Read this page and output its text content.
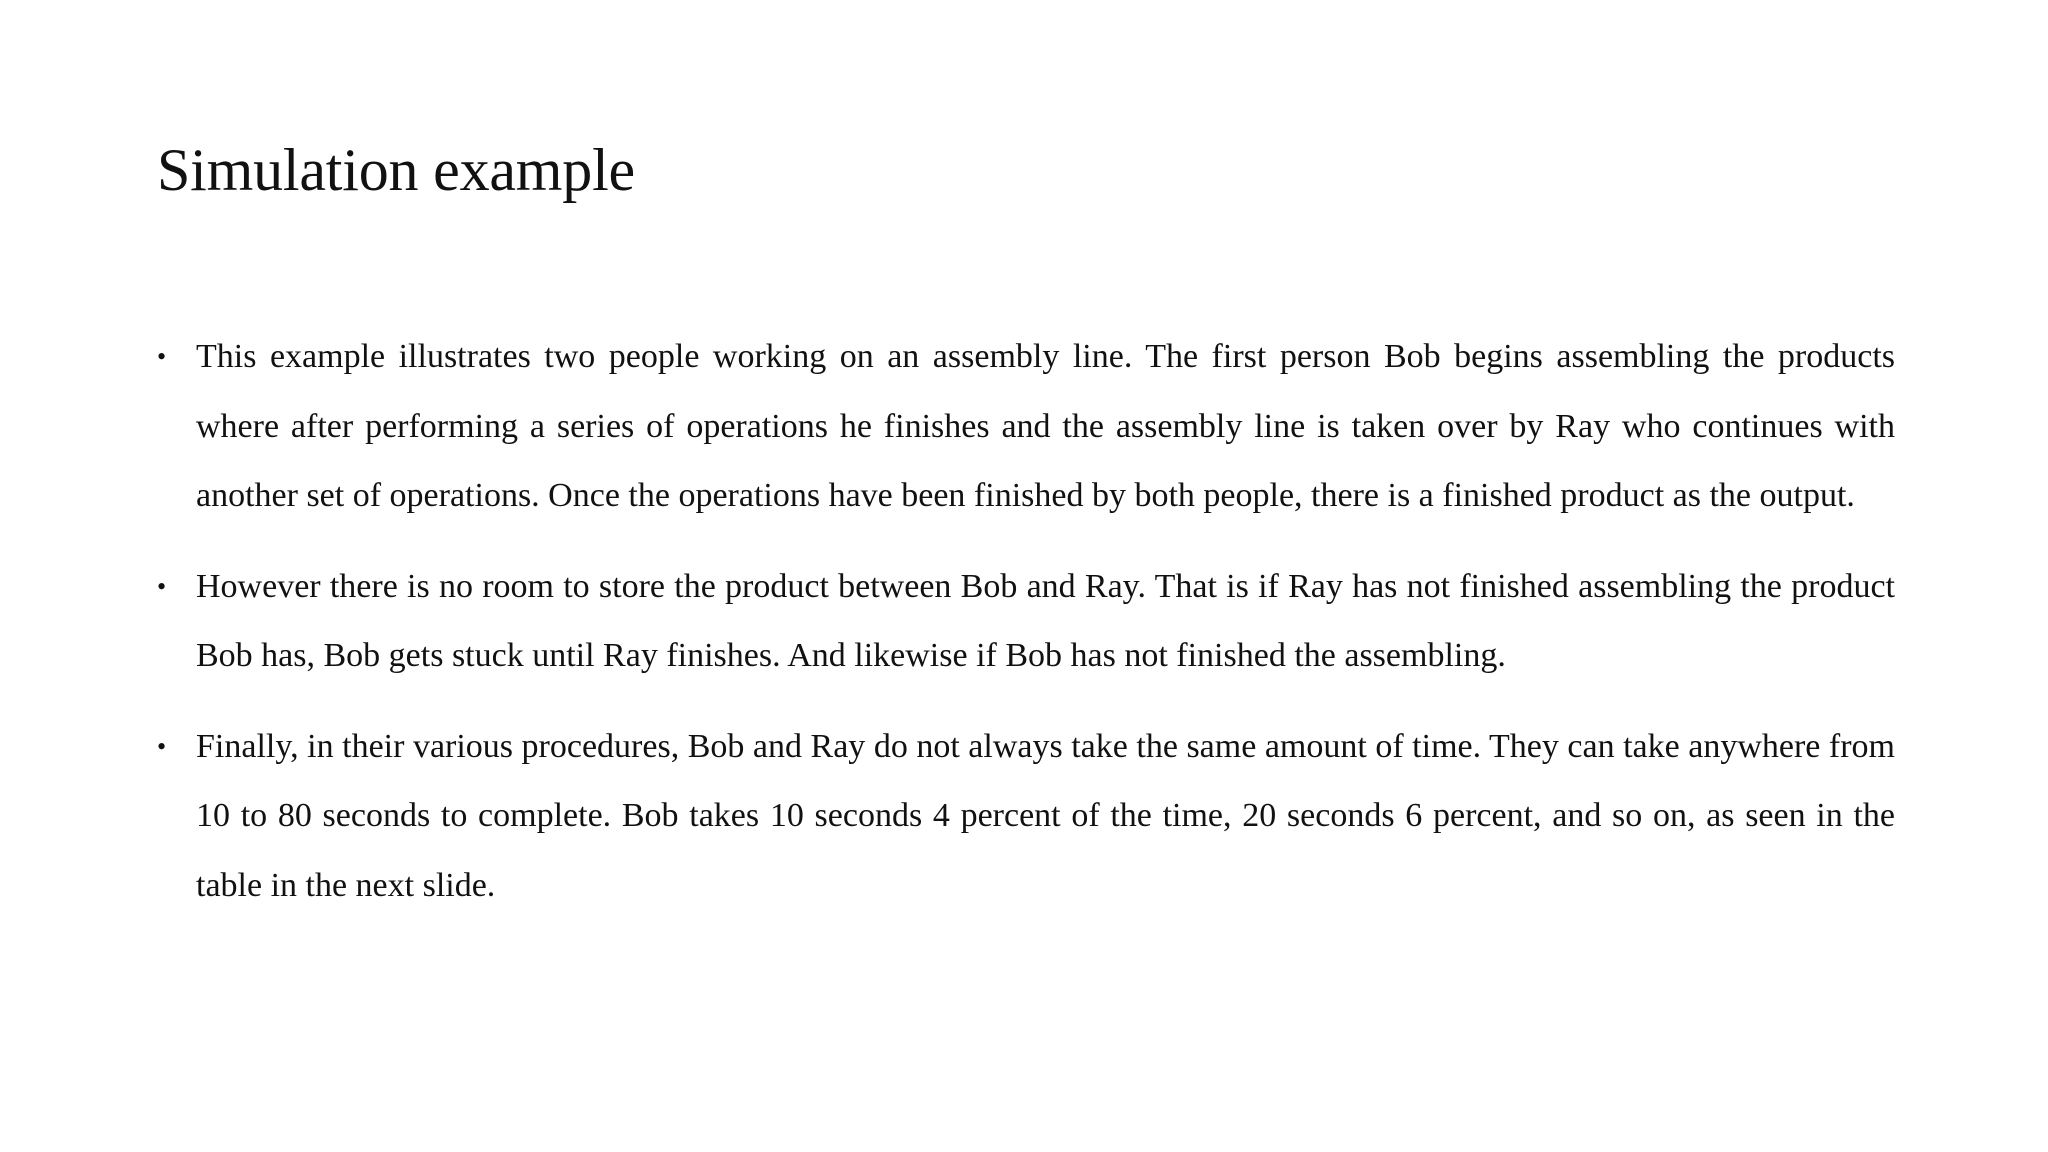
Simulation example
• This example illustrates two people working on an assembly line. The first person Bob begins assembling the products where after performing a series of operations he finishes and the assembly line is taken over by Ray who continues with another set of operations. Once the operations have been finished by both people, there is a finished product as the output.
• However there is no room to store the product between Bob and Ray. That is if Ray has not finished assembling the product Bob has, Bob gets stuck until Ray finishes. And likewise if Bob has not finished the assembling.
• Finally, in their various procedures, Bob and Ray do not always take the same amount of time. They can take anywhere from 10 to 80 seconds to complete. Bob takes 10 seconds 4 percent of the time, 20 seconds 6 percent, and so on, as seen in the table in the next slide.
